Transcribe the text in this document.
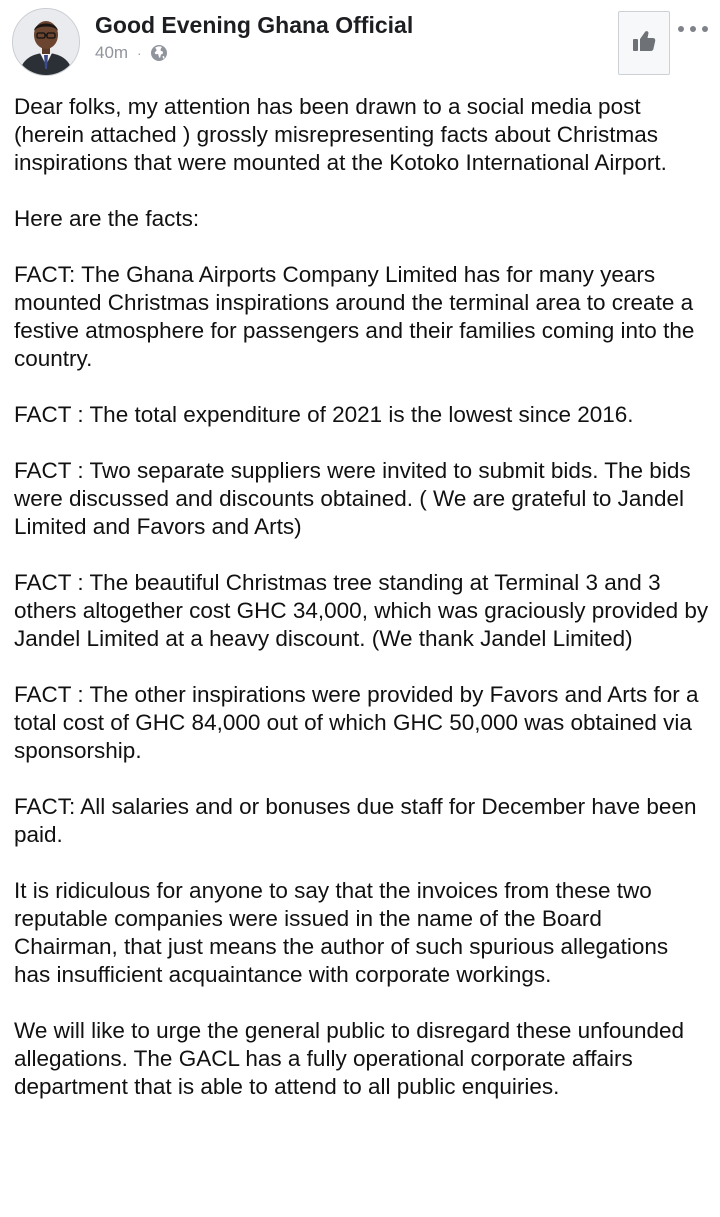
Good Evening Ghana Official
40m ·

Dear folks, my attention has been drawn to a social media post (herein attached ) grossly misrepresenting facts about Christmas inspirations that were mounted at the Kotoko International Airport.

Here are the facts:

FACT: The Ghana Airports Company Limited has for many years mounted Christmas inspirations around the terminal area to create a festive atmosphere for passengers and their families coming into the country.

FACT : The total expenditure of 2021 is the lowest since 2016.

FACT : Two separate suppliers were invited to submit bids. The bids were discussed and discounts obtained. ( We are grateful to Jandel Limited and Favors and Arts)

FACT : The beautiful Christmas tree standing at Terminal 3 and 3 others altogether cost GHC 34,000, which was graciously provided by Jandel Limited at a heavy discount. (We thank Jandel Limited)

FACT : The other inspirations were provided by Favors and Arts for a total cost of GHC 84,000 out of which GHC 50,000 was obtained via sponsorship.

FACT: All salaries and or bonuses due staff for December have been paid.

It is ridiculous for anyone to say that the invoices from these two reputable companies were issued in the name of the Board Chairman, that just means the author of such spurious allegations has insufficient acquaintance with corporate workings.

We will like to urge the general public to disregard these unfounded allegations. The GACL has a fully operational corporate affairs department that is able to attend to all public enquiries.
